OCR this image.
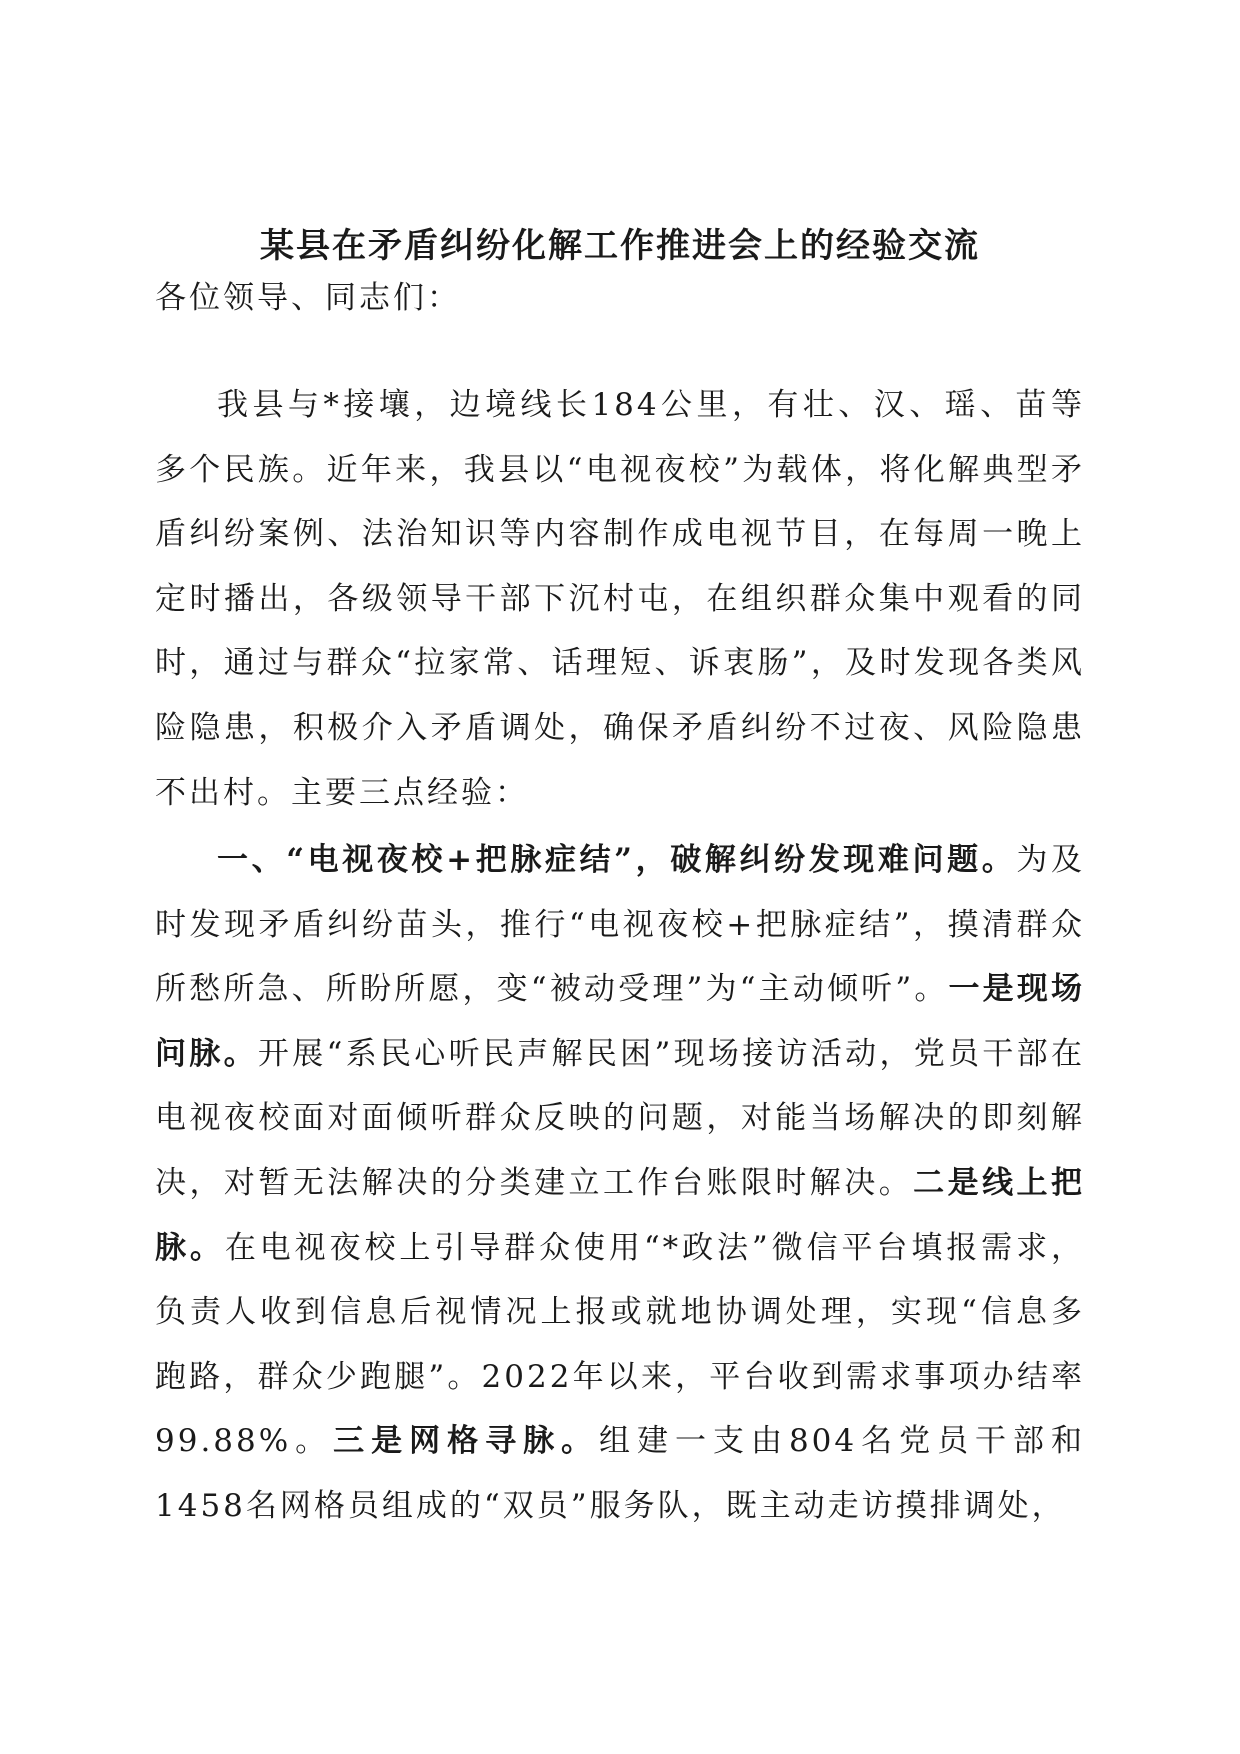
某县在矛盾纠纷化解工作推进会上的经验交流
各位领导、同志们：

我县与*接壤，边境线长184公里，有壮、汉、瑶、苗等多个民族。近年来，我县以“电视夜校”为载体，将化解典型矛盾纠纷案例、法治知识等内容制作成电视节目，在每周一晚上定时播出，各级领导干部下沉村屯，在组织群众集中观看的同时，通过与群众“拉家常、话理短、诉衷肠”，及时发现各类风险隐患，积极介入矛盾调处，确保矛盾纠纷不过夜、风险隐患不出村。主要三点经验：

一、“电视夜校+把脉症结”，破解纠纷发现难问题。为及时发现矛盾纠纷苗头，推行“电视夜校+把脉症结”，摸清群众所愁所急、所盼所愿，变“被动受理”为“主动倾听”。一是现场问脉。开展“系民心听民声解民困”现场接访活动，党员干部在电视夜校面对面倾听群众反映的问题，对能当场解决的即刻解决，对暂无法解决的分类建立工作台账限时解决。二是线上把脉。在电视夜校上引导群众使用“*政法”微信平台填报需求，负责人收到信息后视情况上报或就地协调处理，实现“信息多跑路，群众少跑腿”。2022年以来，平台收到需求事项办结率99.88%。三是网格寻脉。组建一支由804名党员干部和1458名网格员组成的“双员”服务队，既主动走访摸排调处，
